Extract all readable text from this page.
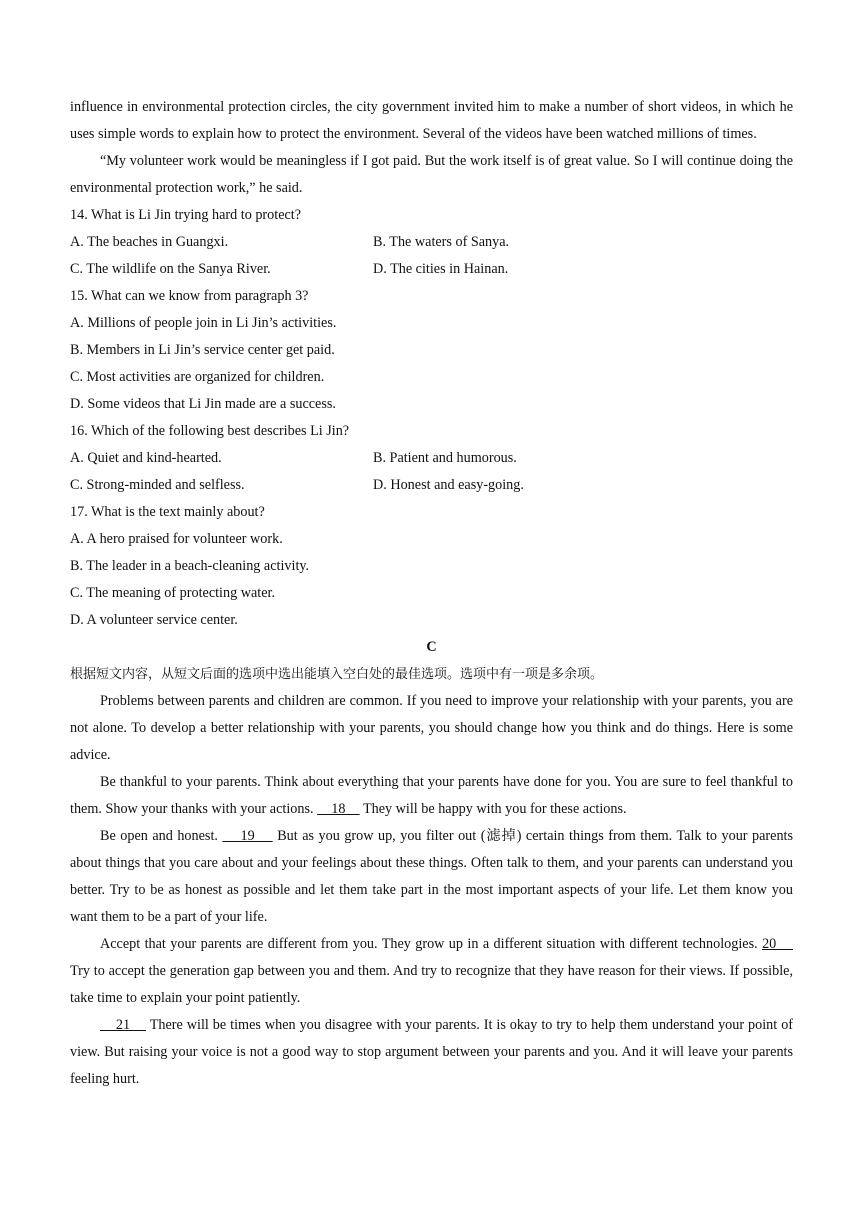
influence in environmental protection circles, the city government invited him to make a number of short videos, in which he uses simple words to explain how to protect the environment. Several of the videos have been watched millions of times.

“My volunteer work would be meaningless if I got paid. But the work itself is of great value. So I will continue doing the environmental protection work,” he said.

14. What is Li Jin trying hard to protect?

A. The beaches in Guangxi.	B. The waters of Sanya.
C. The wildlife on the Sanya River.	D. The cities in Hainan.

15. What can we know from paragraph 3?

A. Millions of people join in Li Jin’s activities.

B. Members in Li Jin’s service center get paid.

C. Most activities are organized for children.

D. Some videos that Li Jin made are a success.

16. Which of the following best describes Li Jin?

A. Quiet and kind-hearted.	B. Patient and humorous.
C. Strong-minded and selfless.	D. Honest and easy-going.

17. What is the text mainly about?

A. A hero praised for volunteer work.

B. The leader in a beach-cleaning activity.

C. The meaning of protecting water.

D. A volunteer service center.

C

根据短文内容，从短文后面的选项中选出能填入空白处的最佳选项。选项中有一项是多余项。

Problems between parents and children are common. If you need to improve your relationship with your parents, you are not alone. To develop a better relationship with your parents, you should change how you think and do things. Here is some advice.

Be thankful to your parents. Think about everything that your parents have done for you. You are sure to feel thankful to them. Show your thanks with your actions.     18     They will be happy with you for these actions.

Be open and honest.     19     But as you grow up, you filter out (滤掉) certain things from them. Talk to your parents about things that you care about and your feelings about these things. Often talk to them, and your parents can understand you better. Try to be as honest as possible and let them take part in the most important aspects of your life. Let them know you want them to be a part of your life.

Accept that your parents are different from you. They grow up in a different situation with different technologies. 20     Try to accept the generation gap between you and them. And try to recognize that they have reason for their views. If possible, take time to explain your point patiently.

21     There will be times when you disagree with your parents. It is okay to try to help them understand your point of view. But raising your voice is not a good way to stop argument between your parents and you. And it will leave your parents feeling hurt.
